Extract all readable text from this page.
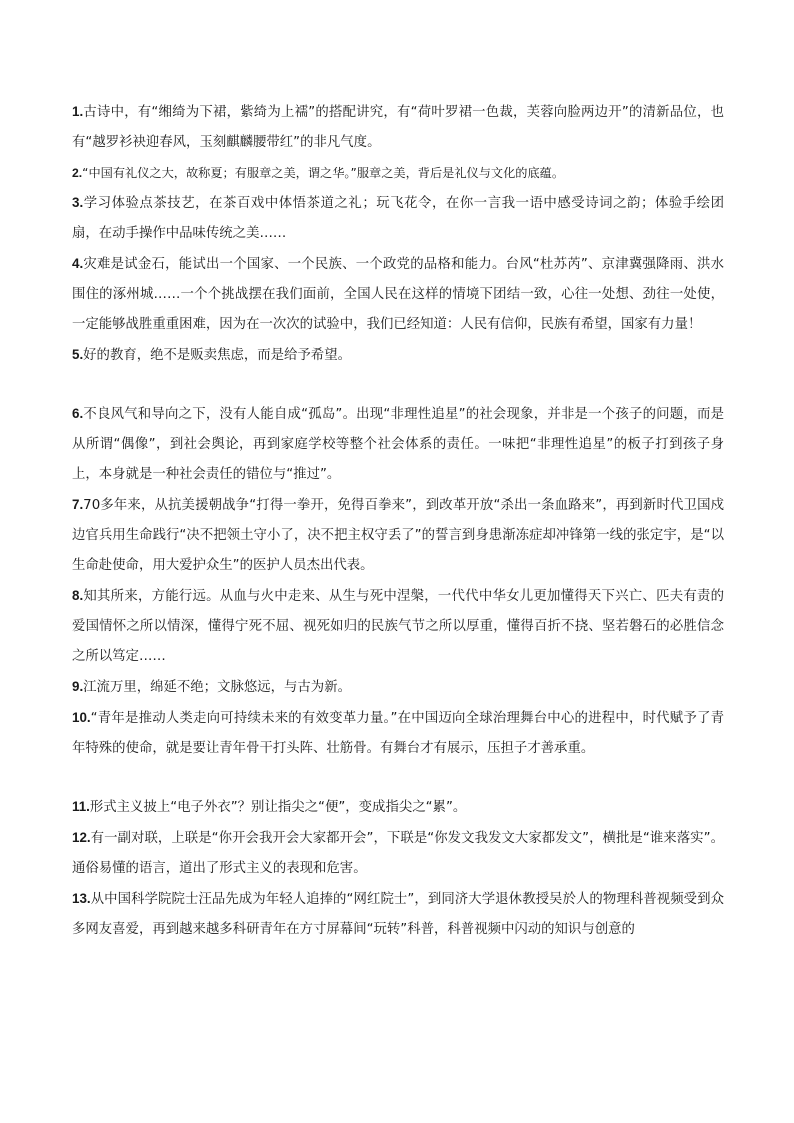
1.古诗中，有“缃绮为下裙，紫绮为上襦”的搭配讲究，有“荷叶罗裙一色裁，芙蓉向脸两边开”的清新品位，也有“越罗衫袂迎春风，玉刻麒麟腰带红”的非凡气度。

2.“中国有礼仪之大，故称夏；有服章之美，谓之华。”服章之美，背后是礼仪与文化的底蕴。

3.学习体验点茶技艺，在茶百戏中体悟茶道之礼；玩飞花令，在你一言我一语中感受诗词之韵；体验手绘团扇，在动手操作中品味传统之美……

4.灾难是试金石，能试出一个国家、一个民族、一个政党的品格和能力。台风“杜苏芮”、京津冀强降雨、洪水围住的涿州城……一个个挑战摆在我们面前，全国人民在这样的情境下团结一致，心往一处想、劲往一处使，一定能够战胜重重困难，因为在一次次的试验中，我们已经知道：人民有信仰，民族有希望，国家有力量！

5.好的教育，绝不是贩卖焦虑，而是给予希望。

6.不良风气和导向之下，没有人能自成“孤岛”。出现“非理性追星”的社会现象，并非是一个孩子的问题，而是从所谓“偶像”，到社会舆论，再到家庭学校等整个社会体系的责任。一味把“非理性追星”的板子打到孩子身上，本身就是一种社会责任的错位与“推过”。

7.70多年来，从抗美援朝战争“打得一拳开，免得百拳来”，到改革开放“杀出一条血路来”，再到新时代卫国戍边官兵用生命践行“决不把领土守小了，决不把主权守丢了”的誓言到身患渐冻症却冲锋第一线的张定宇，是“以生命赴使命，用大爱护众生”的医护人员杰出代表。

8.知其所来，方能行远。从血与火中走来、从生与死中涅槃，一代代中华女儿更加懂得天下兴亡、匹夫有责的爱国情怀之所以情深，懂得宁死不屈、视死如归的民族气节之所以厚重，懂得百折不挠、坚若磐石的必胜信念之所以笃定……

9.江流万里，绵延不绝；文脉悠远，与古为新。

10.“青年是推动人类走向可持续未来的有效变革力量。”在中国迈向全球治理舞台中心的进程中，时代赋予了青年特殊的使命，就是要让青年骨干打头阵、壮筋骨。有舞台才有展示，压担子才善承重。

11.形式主义披上“电子外衣”？别让指尖之“便”，变成指尖之“累”。

12.有一副对联，上联是“你开会我开会大家都开会”，下联是“你发文我发文大家都发文”，横批是“谁来落实”。通俗易懂的语言，道出了形式主义的表现和危害。

13.从中国科学院院士汪品先成为年轻人追捧的“网红院士”，到同济大学退休教授吴於人的物理科普视频受到众多网友喜爱，再到越来越多科研青年在方寸屏幕间“玩转”科普，科普视频中闪动的知识与创意的
